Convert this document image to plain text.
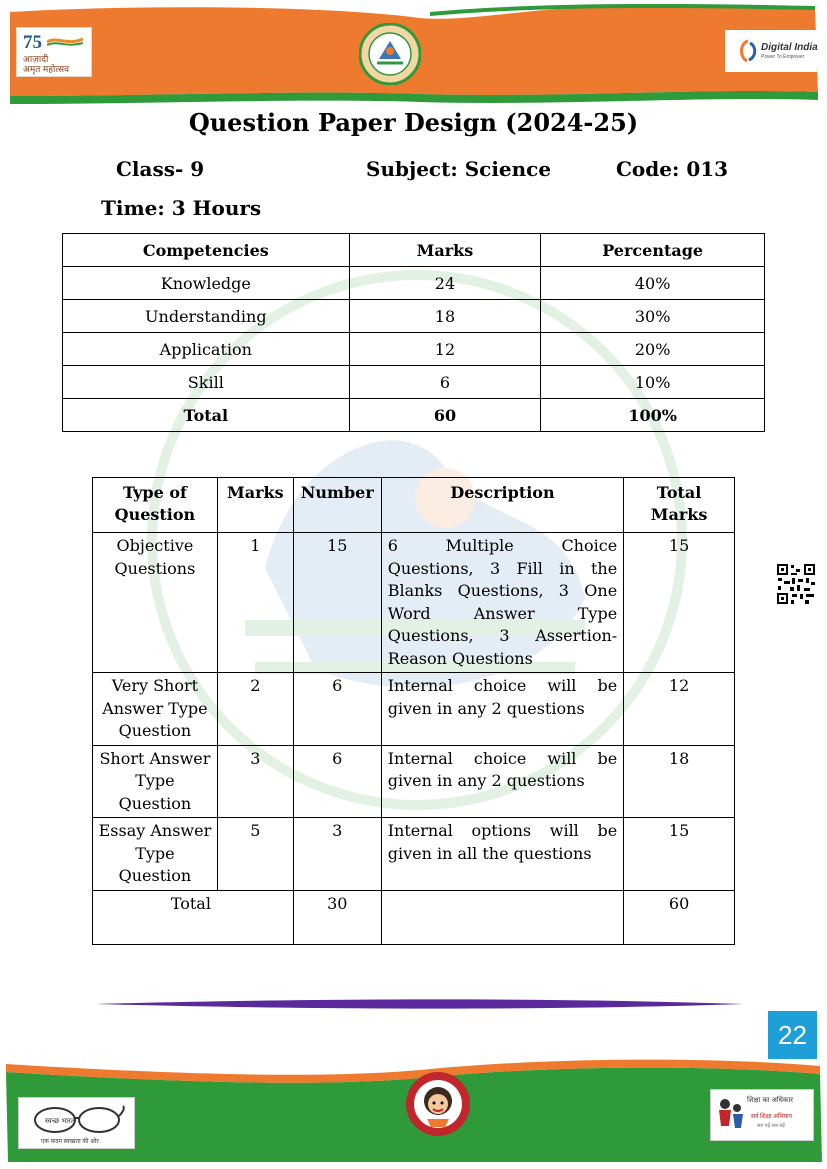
75
आज़ादी
अमृत महोत्सव
Digital India
Power To Empower
Question Paper Design (2024-25)
Class- 9	Subject: Science	Code: 013
Time: 3 Hours
Competencies	Marks	Percentage
Knowledge	24	40%
Understanding	18	30%
Application	12	20%
Skill	6	10%
Total	60	100%
Type of Question	Marks	Number	Description	Total Marks
Objective Questions	1	15	6 Multiple Choice Questions, 3 Fill in the Blanks Questions, 3 One Word Answer Type Questions, 3 Assertion-Reason Questions	15
Very Short Answer Type Question	2	6	Internal choice will be given in any 2 questions	12
Short Answer Type Question	3	6	Internal choice will be given in any 2 questions	18
Essay Answer Type Question	5	3	Internal options will be given in all the questions	15
Total		30		60
22
स्वच्छ भारत
एक कदम स्वच्छता की ओर
शिक्षा का अधिकार
सर्व शिक्षा अभियान
सब पढ़ें सब बढ़ें
